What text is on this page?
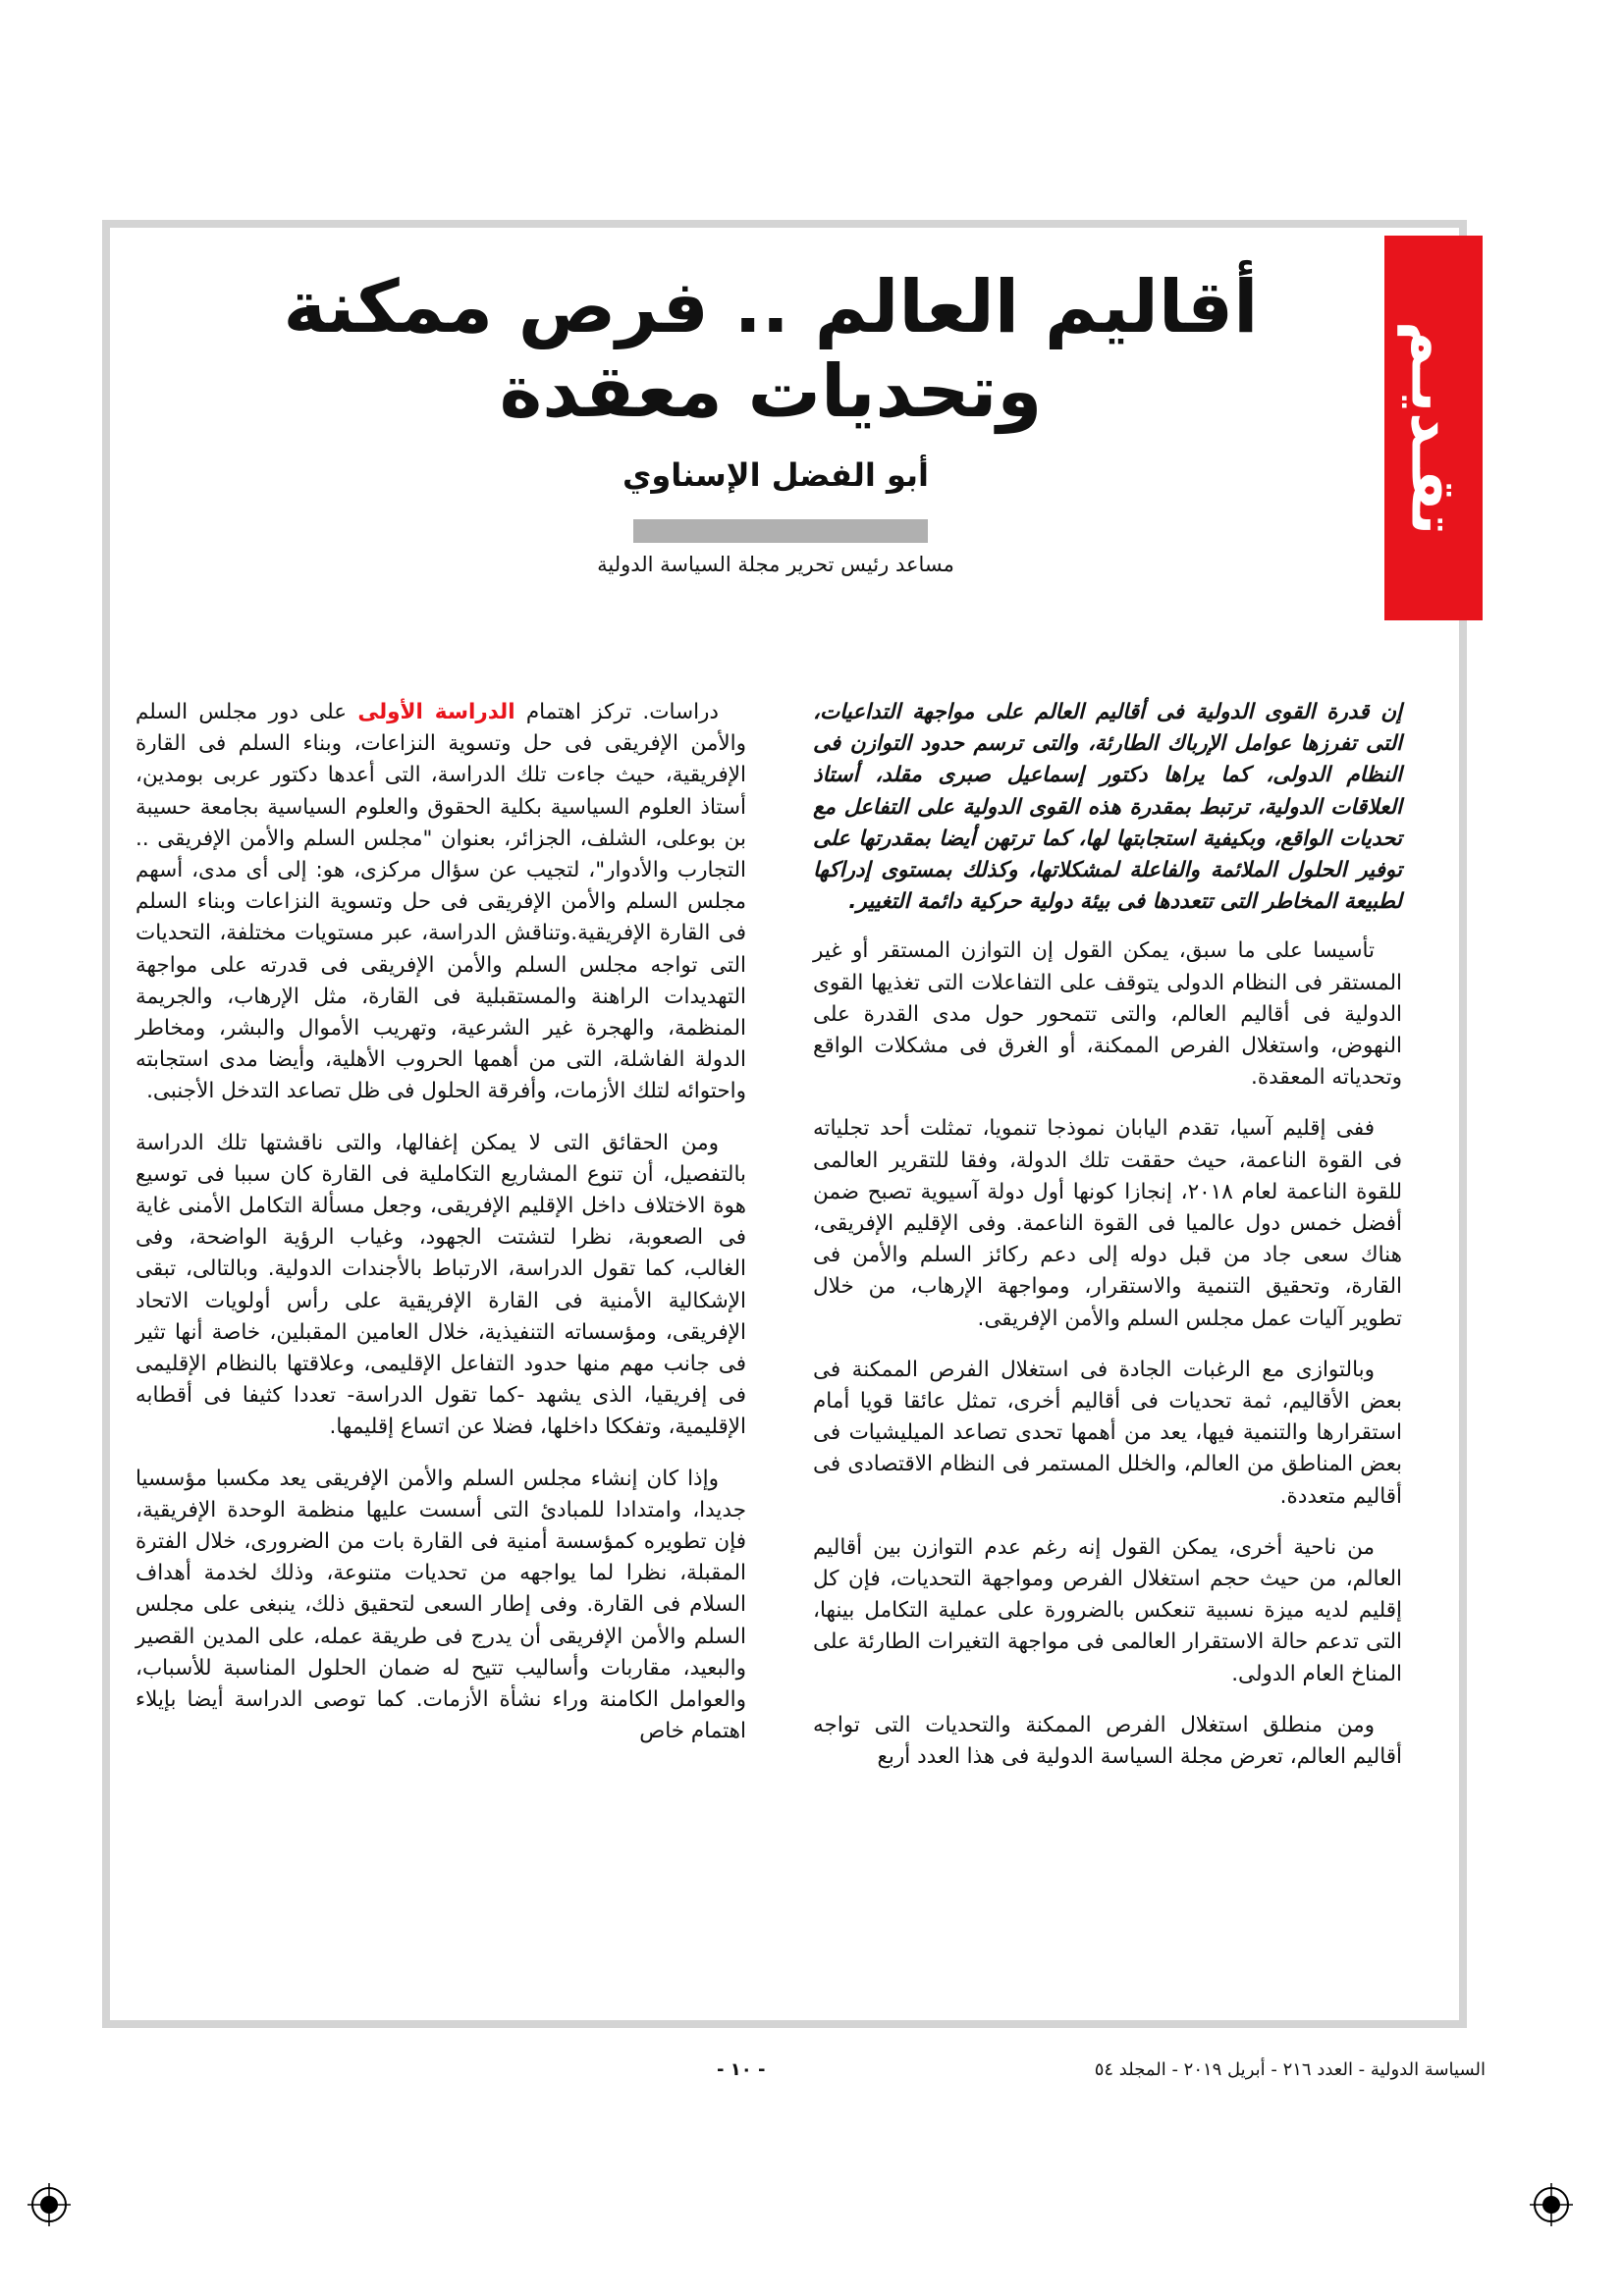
تقـديـم
أقاليم العالم .. فرص ممكنة وتحديات معقدة
أبو الفضل الإسناوي
مساعد رئيس تحرير مجلة السياسة الدولية

إن قدرة القوى الدولية فى أقاليم العالم على مواجهة التداعيات، التى تفرزها عوامل الإرباك الطارئة، والتى ترسم حدود التوازن فى النظام الدولى، كما يراها دكتور إسماعيل صبرى مقلد، أستاذ العلاقات الدولية، ترتبط بمقدرة هذه القوى الدولية على التفاعل مع تحديات الواقع، وبكيفية استجابتها لها، كما ترتهن أيضا بمقدرتها على توفير الحلول الملائمة والفاعلة لمشكلاتها، وكذلك بمستوى إدراكها لطبيعة المخاطر التى تتعددها فى بيئة دولية حركية دائمة التغيير.

تأسيسا على ما سبق، يمكن القول إن التوازن المستقر أو غير المستقر فى النظام الدولى يتوقف على التفاعلات التى تغذيها القوى الدولية فى أقاليم العالم، والتى تتمحور حول مدى القدرة على النهوض، واستغلال الفرص الممكنة، أو الغرق فى مشكلات الواقع وتحدياته المعقدة.

ففى إقليم آسيا، تقدم اليابان نموذجا تنمويا، تمثلت أحد تجلياته فى القوة الناعمة، حيث حققت تلك الدولة، وفقا للتقرير العالمى للقوة الناعمة لعام ٢٠١٨، إنجازا كونها أول دولة آسيوية تصبح ضمن أفضل خمس دول عالميا فى القوة الناعمة. وفى الإقليم الإفريقى، هناك سعى جاد من قبل دوله إلى دعم ركائز السلم والأمن فى القارة، وتحقيق التنمية والاستقرار، ومواجهة الإرهاب، من خلال تطوير آليات عمل مجلس السلم والأمن الإفريقى.

وبالتوازى مع الرغبات الجادة فى استغلال الفرص الممكنة فى بعض الأقاليم، ثمة تحديات فى أقاليم أخرى، تمثل عائقا قويا أمام استقرارها والتنمية فيها، يعد من أهمها تحدى تصاعد الميليشيات فى بعض المناطق من العالم، والخلل المستمر فى النظام الاقتصادى فى أقاليم متعددة.

من ناحية أخرى، يمكن القول إنه رغم عدم التوازن بين أقاليم العالم، من حيث حجم استغلال الفرص ومواجهة التحديات، فإن كل إقليم لديه ميزة نسبية تنعكس بالضرورة على عملية التكامل بينها، التى تدعم حالة الاستقرار العالمى فى مواجهة التغيرات الطارئة على المناخ العام الدولى.

ومن منطلق استغلال الفرص الممكنة والتحديات التى تواجه أقاليم العالم، تعرض مجلة السياسة الدولية فى هذا العدد أربع

دراسات. تركز اهتمام الدراسة الأولى على دور مجلس السلم والأمن الإفريقى فى حل وتسوية النزاعات، وبناء السلم فى القارة الإفريقية، حيث جاءت تلك الدراسة، التى أعدها دكتور عربى بومدين، أستاذ العلوم السياسية بكلية الحقوق والعلوم السياسية بجامعة حسيبة بن بوعلى، الشلف، الجزائر، بعنوان "مجلس السلم والأمن الإفريقى .. التجارب والأدوار"، لتجيب عن سؤال مركزى، هو: إلى أى مدى، أسهم مجلس السلم والأمن الإفريقى فى حل وتسوية النزاعات وبناء السلم فى القارة الإفريقية.وتناقش الدراسة، عبر مستويات مختلفة، التحديات التى تواجه مجلس السلم والأمن الإفريقى فى قدرته على مواجهة التهديدات الراهنة والمستقبلية فى القارة، مثل الإرهاب، والجريمة المنظمة، والهجرة غير الشرعية، وتهريب الأموال والبشر، ومخاطر الدولة الفاشلة، التى من أهمها الحروب الأهلية، وأيضا مدى استجابته واحتوائه لتلك الأزمات، وأفرقة الحلول فى ظل تصاعد التدخل الأجنبى.

ومن الحقائق التى لا يمكن إغفالها، والتى ناقشتها تلك الدراسة بالتفصيل، أن تنوع المشاريع التكاملية فى القارة كان سببا فى توسيع هوة الاختلاف داخل الإقليم الإفريقى، وجعل مسألة التكامل الأمنى غاية فى الصعوبة، نظرا لتشتت الجهود، وغياب الرؤية الواضحة، وفى الغالب، كما تقول الدراسة، الارتباط بالأجندات الدولية. وبالتالى، تبقى الإشكالية الأمنية فى القارة الإفريقية على رأس أولويات الاتحاد الإفريقى، ومؤسساته التنفيذية، خلال العامين المقبلين، خاصة أنها تثير فى جانب مهم منها حدود التفاعل الإقليمى، وعلاقتها بالنظام الإقليمى فى إفريقيا، الذى يشهد -كما تقول الدراسة- تعددا كثيفا فى أقطابه الإقليمية، وتفككا داخلها، فضلا عن اتساع إقليمها.

وإذا كان إنشاء مجلس السلم والأمن الإفريقى يعد مكسبا مؤسسيا جديدا، وامتدادا للمبادئ التى أسست عليها منظمة الوحدة الإفريقية، فإن تطويره كمؤسسة أمنية فى القارة بات من الضرورى، خلال الفترة المقبلة، نظرا لما يواجهه من تحديات متنوعة، وذلك لخدمة أهداف السلام فى القارة. وفى إطار السعى لتحقيق ذلك، ينبغى على مجلس السلم والأمن الإفريقى أن يدرج فى طريقة عمله، على المدين القصير والبعيد، مقاربات وأساليب تتيح له ضمان الحلول المناسبة للأسباب، والعوامل الكامنة وراء نشأة الأزمات. كما توصى الدراسة أيضا بإيلاء اهتمام خاص

السياسة الدولية - العدد ٢١٦ - أبريل ٢٠١٩ - المجلد ٥٤
- ١٠ -
